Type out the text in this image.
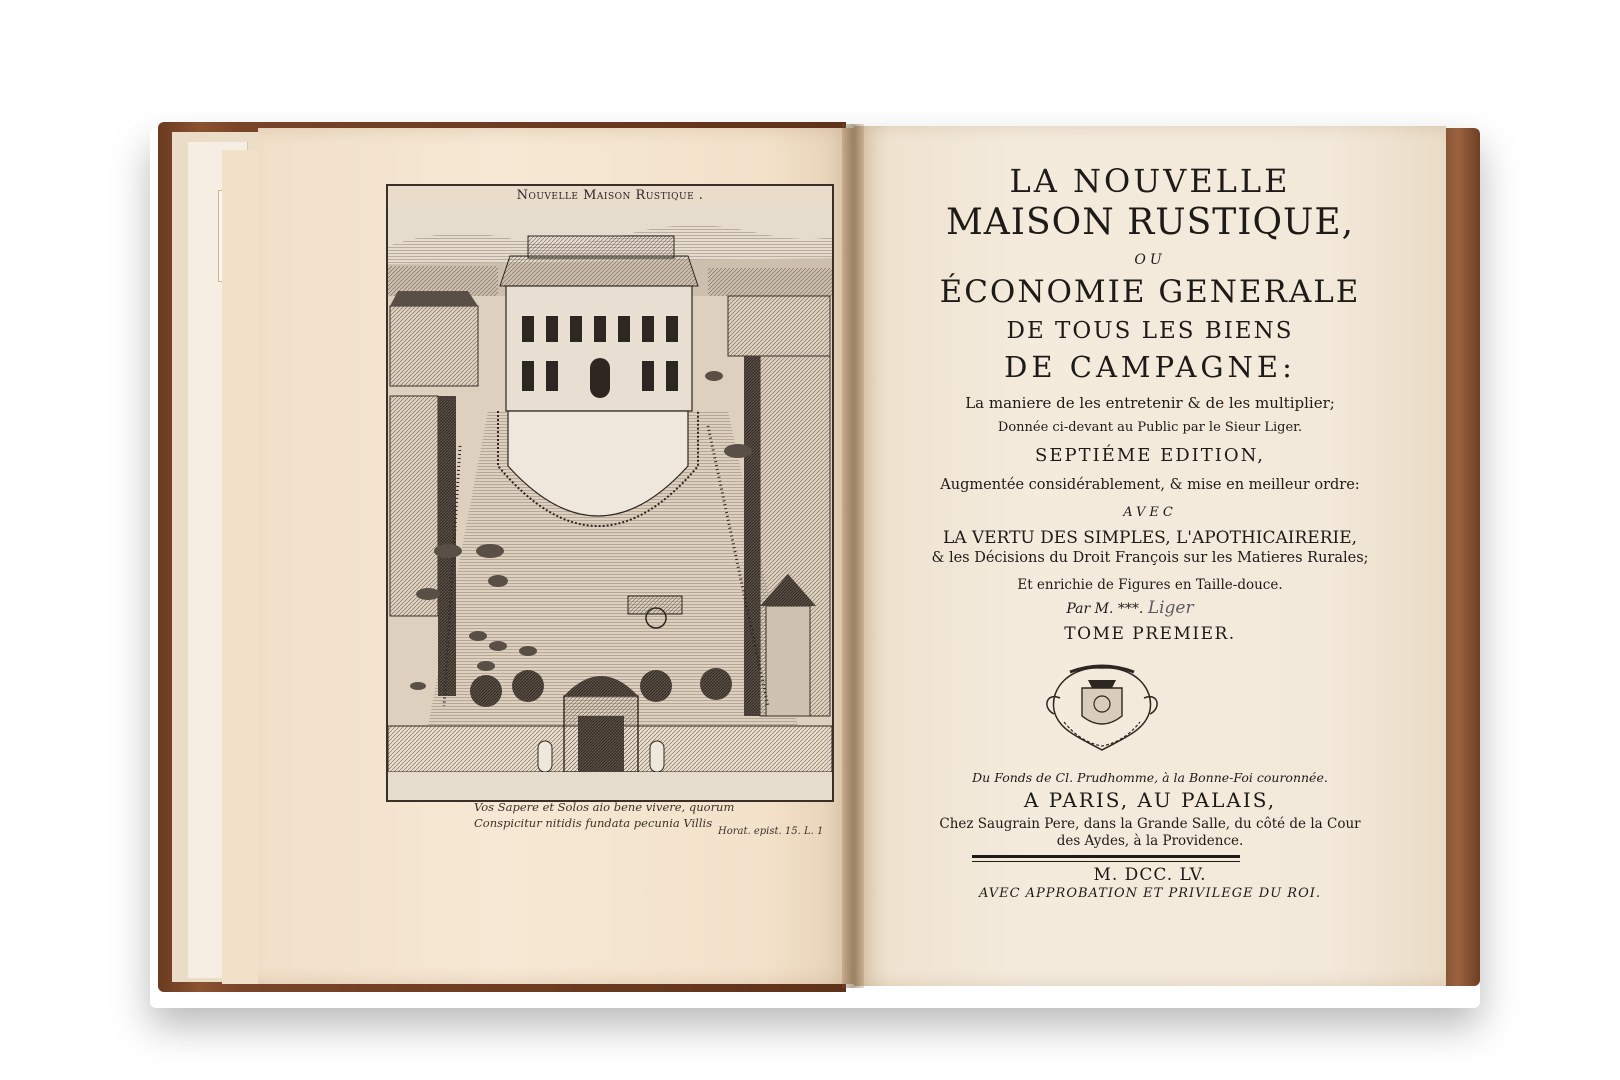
Nouvelle Maison Rustique .
Vos Sapere et Solos aio bene vivere, quorum
Conspicitur nitidis fundata pecunia Villis
Horat. epist. 15. L. 1
LA NOUVELLE
MAISON RUSTIQUE,
OU
ÉCONOMIE GENERALE
DE TOUS LES BIENS
DE CAMPAGNE:
La maniere de les entretenir & de les multiplier;
Donnée ci-devant au Public par le Sieur Liger.
SEPTIÉME EDITION,
Augmentée considérablement, & mise en meilleur ordre:
AVEC
LA VERTU DES SIMPLES, L'APOTHICAIRERIE,
& les Décisions du Droit François sur les Matieres Rurales;
Et enrichie de Figures en Taille-douce.
Par M. ***. Liger
TOME PREMIER.
Du Fonds de Cl. Prudhomme, à la Bonne-Foi couronnée.
A PARIS, AU PALAIS,
Chez Saugrain Pere, dans la Grande Salle, du côté de la Cour
des Aydes, à la Providence.
M. DCC. LV.
AVEC APPROBATION ET PRIVILEGE DU ROI.
